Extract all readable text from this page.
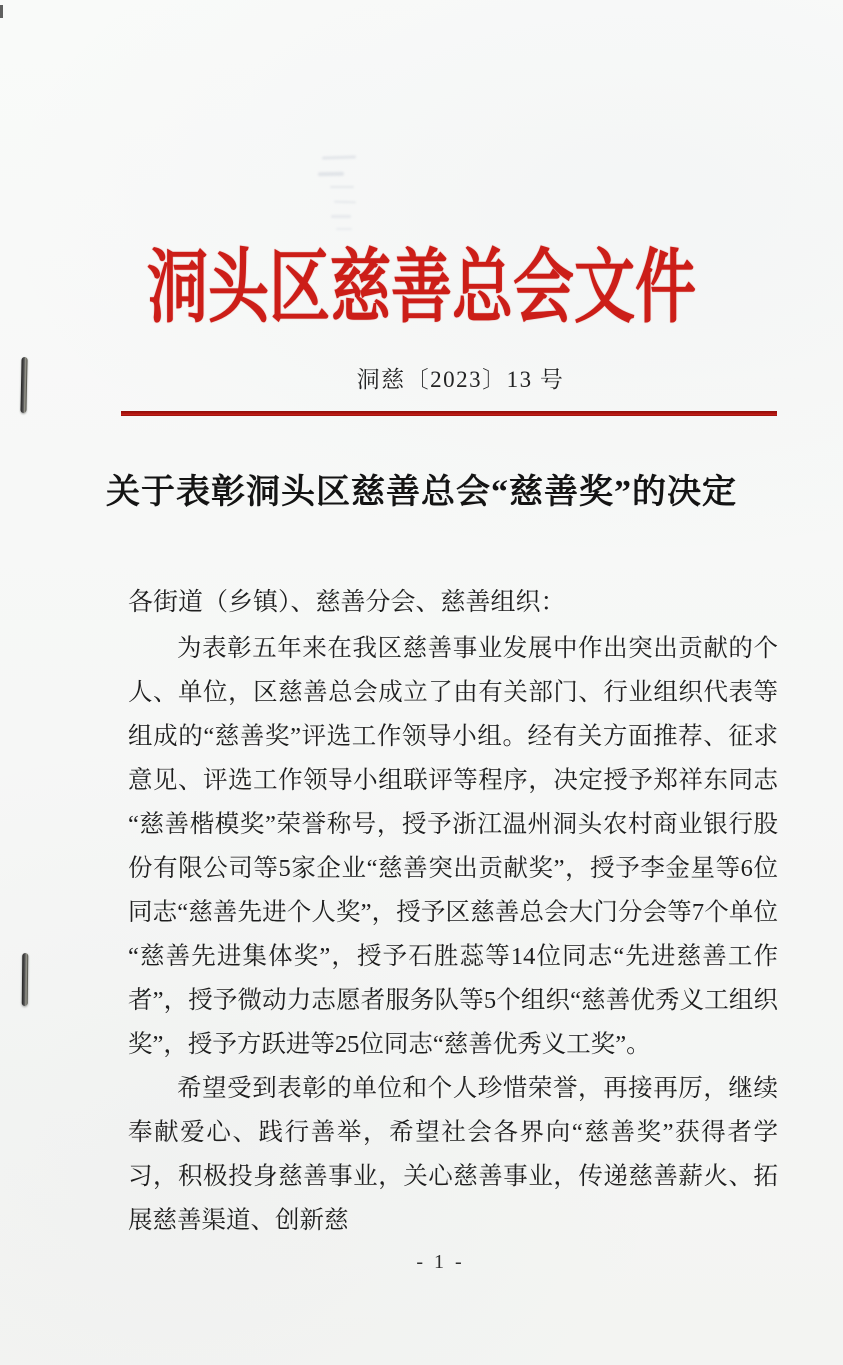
洞头区慈善总会文件
洞慈〔2023〕13 号
关于表彰洞头区慈善总会“慈善奖”的决定

各街道（乡镇）、慈善分会、慈善组织：

为表彰五年来在我区慈善事业发展中作出突出贡献的个人、单位，区慈善总会成立了由有关部门、行业组织代表等组成的“慈善奖”评选工作领导小组。经有关方面推荐、征求意见、评选工作领导小组联评等程序，决定授予郑祥东同志“慈善楷模奖”荣誉称号，授予浙江温州洞头农村商业银行股份有限公司等5家企业“慈善突出贡献奖”，授予李金星等6位同志“慈善先进个人奖”，授予区慈善总会大门分会等7个单位“慈善先进集体奖”，授予石胜蕊等14位同志“先进慈善工作者”，授予微动力志愿者服务队等5个组织“慈善优秀义工组织奖”，授予方跃进等25位同志“慈善优秀义工奖”。

希望受到表彰的单位和个人珍惜荣誉，再接再厉，继续奉献爱心、践行善举，希望社会各界向“慈善奖”获得者学习，积极投身慈善事业，关心慈善事业，传递慈善薪火、拓展慈善渠道、创新慈

- 1 -
